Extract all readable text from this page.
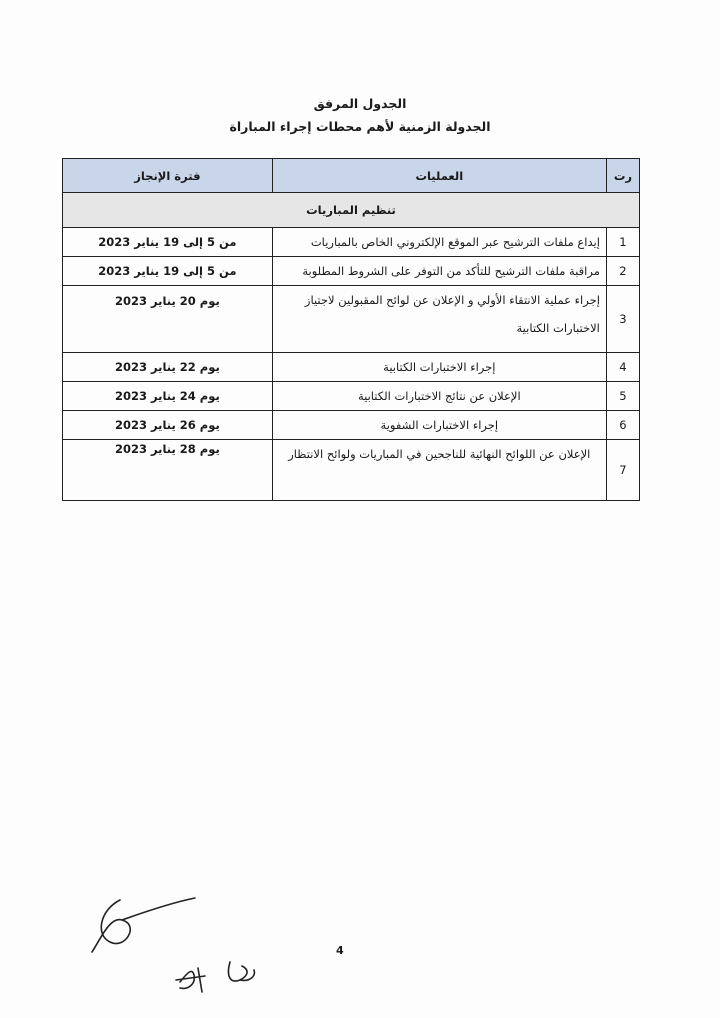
الجدول المرفق
الجدولة الزمنية لأهم محطات إجراء المباراة
رت	العمليات	فترة الإنجاز
تنظيم المباريات		
1	إيداع ملفات الترشيح عبر الموقع الإلكتروني الخاص بالمباريات	من 5 إلى 19 يناير 2023
2	مراقبة ملفات الترشيح للتأكد من التوفر على الشروط المطلوبة	من 5 إلى 19 يناير 2023
3	إجراء عملية الانتقاء الأولي و الإعلان عن لوائح المقبولين لاجتياز الاختبارات الكتابية	يوم 20 يناير 2023
4	إجراء الاختبارات الكتابية	يوم 22 يناير 2023
5	الإعلان عن نتائج الاختبارات الكتابية	يوم 24 يناير 2023
6	إجراء الاختبارات الشفوية	يوم 26 يناير 2023
7	الإعلان عن اللوائح النهائية للناجحين في المباريات ولوائح الانتظار	يوم 28 يناير 2023
4
